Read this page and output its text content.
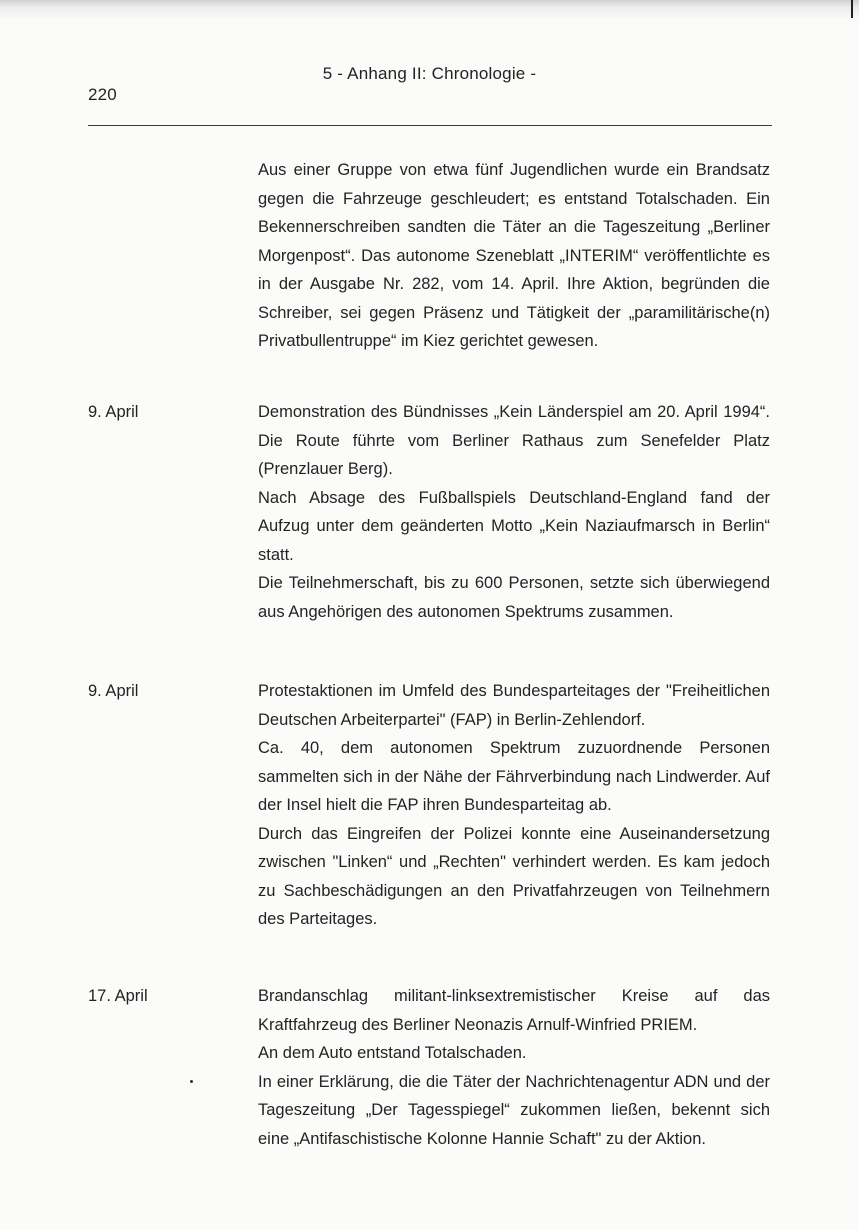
5 - Anhang II: Chronologie -
220

Aus einer Gruppe von etwa fünf Jugendlichen wurde ein Brandsatz gegen die Fahrzeuge geschleudert; es entstand Totalschaden. Ein Bekennerschreiben sandten die Täter an die Tageszeitung „Berliner Morgenpost“. Das autonome Szeneblatt „INTERIM“ veröffentlichte es in der Ausgabe Nr. 282, vom 14. April. Ihre Aktion, begründen die Schreiber, sei gegen Präsenz und Tätigkeit der „paramilitärische(n) Privatbullentruppe“ im Kiez gerichtet gewesen.

9. April	Demonstration des Bündnisses „Kein Länderspiel am 20. April 1994“. Die Route führte vom Berliner Rathaus zum Senefelder Platz (Prenzlauer Berg).

Nach Absage des Fußballspiels Deutschland-England fand der Aufzug unter dem geänderten Motto „Kein Naziaufmarsch in Berlin“ statt.

Die Teilnehmerschaft, bis zu 600 Personen, setzte sich überwiegend aus Angehörigen des autonomen Spektrums zusammen.

9. April	Protestaktionen im Umfeld des Bundesparteitages der "Freiheitlichen Deutschen Arbeiterpartei" (FAP) in Berlin-Zehlendorf.

Ca. 40, dem autonomen Spektrum zuzuordnende Personen sammelten sich in der Nähe der Fährverbindung nach Lindwerder. Auf der Insel hielt die FAP ihren Bundesparteitag ab.

Durch das Eingreifen der Polizei konnte eine Auseinandersetzung zwischen "Linken“ und „Rechten" verhindert werden. Es kam jedoch zu Sachbeschädigungen an den Privatfahrzeugen von Teilnehmern des Parteitages.

17. April	Brandanschlag militant-linksextremistischer Kreise auf das Kraftfahrzeug des Berliner Neonazis Arnulf-Winfried PRIEM.

An dem Auto entstand Totalschaden.

In einer Erklärung, die die Täter der Nachrichtenagentur ADN und der Tageszeitung „Der Tagesspiegel“ zukommen ließen, bekennt sich eine „Antifaschistische Kolonne Hannie Schaft" zu der Aktion.
